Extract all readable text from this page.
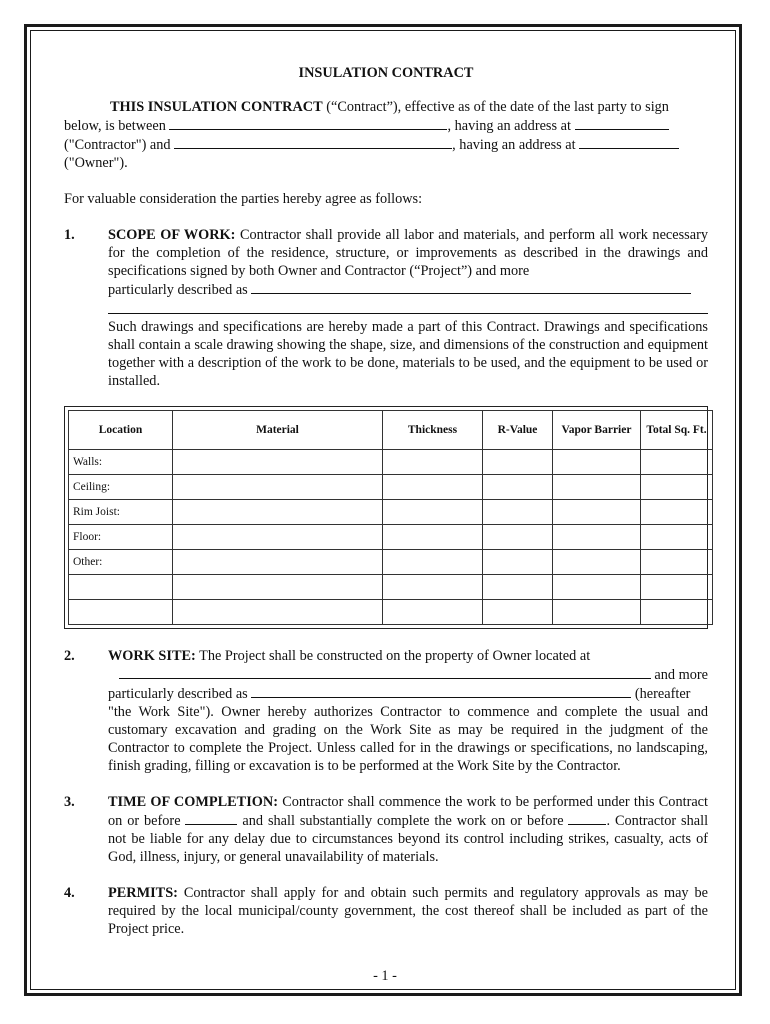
INSULATION CONTRACT

THIS INSULATION CONTRACT (“Contract”), effective as of the date of the last party to sign

below, is between	, having an address at

("Contractor") and	, having an address at

("Owner").

For valuable consideration the parties hereby agree as follows:

1. SCOPE OF WORK: Contractor shall provide all labor and materials, and perform all work necessary for the completion of the residence, structure, or improvements as described in the drawings and specifications signed by both Owner and Contractor (“Project”) and more

particularly described as

Such drawings and specifications are hereby made a part of this Contract. Drawings and specifications shall contain a scale drawing showing the shape, size, and dimensions of the construction and equipment together with a description of the work to be done, materials to be used, and the equipment to be used or installed.

Location	Material	Thickness	R-Value	Vapor Barrier	Total Sq. Ft.
Walls:					
Ceiling:					
Rim Joist:					
Floor:					
Other:					

2. WORK SITE: The Project shall be constructed on the property of Owner located at

and more

particularly described as	(hereafter

"the Work Site"). Owner hereby authorizes Contractor to commence and complete the usual and customary excavation and grading on the Work Site as may be required in the judgment of the Contractor to complete the Project. Unless called for in the drawings or specifications, no landscaping, finish grading, filling or excavation is to be performed at the Work Site by the Contractor.

3. TIME OF COMPLETION: Contractor shall commence the work to be performed under this Contract on or before	and shall substantially complete the work on or before	. Contractor shall not be liable for any delay due to circumstances beyond its control including strikes, casualty, acts of God, illness, injury, or general unavailability of materials.

4. PERMITS: Contractor shall apply for and obtain such permits and regulatory approvals as may be required by the local municipal/county government, the cost thereof shall be included as part of the Project price.

- 1 -
